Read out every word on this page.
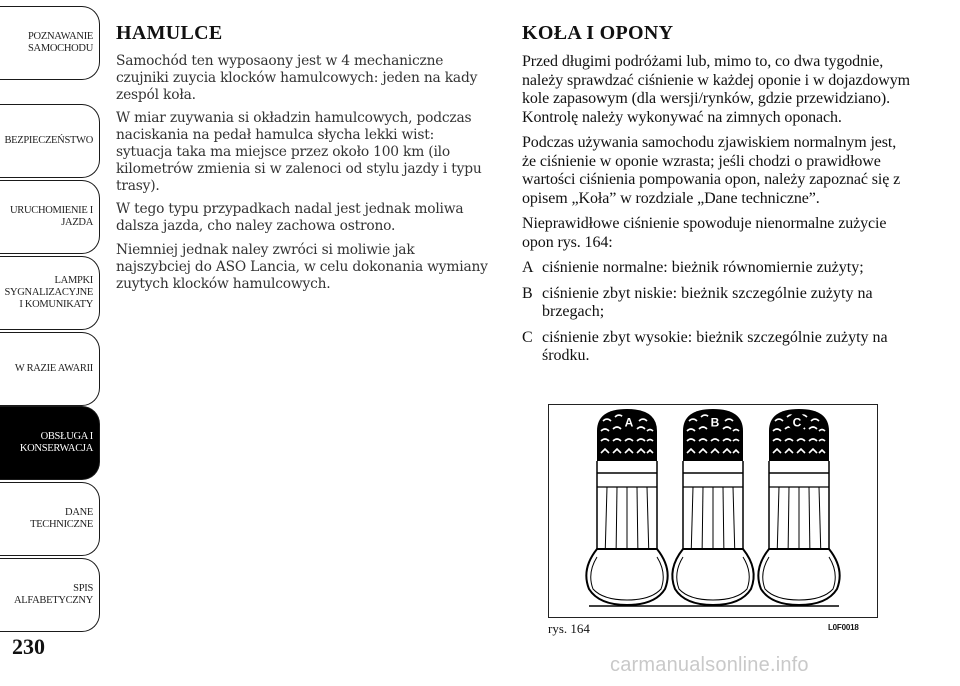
POZNAWANIE
SAMOCHODU
BEZPIECZEŃSTWO
URUCHOMIENIE I
JAZDA
LAMPKI
SYGNALIZACYJNE
I KOMUNIKATY
W RAZIE AWARII
OBSŁUGA I
KONSERWACJA
DANE
TECHNICZNE
SPIS
ALFABETYCZNY
230
HAMULCE

Samochód ten wyposaony jest w 4 mechaniczne czujniki zuycia klocków hamulcowych: jeden na kady zespól koła.

W miar zuywania si okładzin hamulcowych, podczas naciskania na pedał hamulca słycha lekki wist: sytuacja taka ma miejsce przez około 100 km (ilo kilometrów zmienia si w zalenoci od stylu jazdy i typu trasy).

W tego typu przypadkach nadal jest jednak moliwa dalsza jazda, cho naley zachowa ostrono.

Niemniej jednak naley zwróci si moliwie jak najszybciej do ASO Lancia, w celu dokonania wymiany zuytych klocków hamulcowych.

KOŁA I OPONY

Przed długimi podróżami lub, mimo to, co dwa tygodnie, należy sprawdzać ciśnienie w każdej oponie i w dojazdowym kole zapasowym (dla wersji/rynków, gdzie przewidziano). Kontrolę należy wykonywać na zimnych oponach.

Podczas używania samochodu zjawiskiem normalnym jest, że ciśnienie w oponie wzrasta; jeśli chodzi o prawidłowe wartości ciśnienia pompowania opon, należy zapoznać się z opisem „Koła” w rozdziale „Dane techniczne”.

Nieprawidłowe ciśnienie spowoduje nienormalne zużycie opon rys. 164:

A ciśnienie normalne: bieżnik równomiernie zużyty;
B ciśnienie zbyt niskie: bieżnik szczególnie zużyty na brzegach;
C ciśnienie zbyt wysokie: bieżnik szczególnie zużyty na środku.
A	B	C
rys. 164	L0F0018
carmanualsonline.info
